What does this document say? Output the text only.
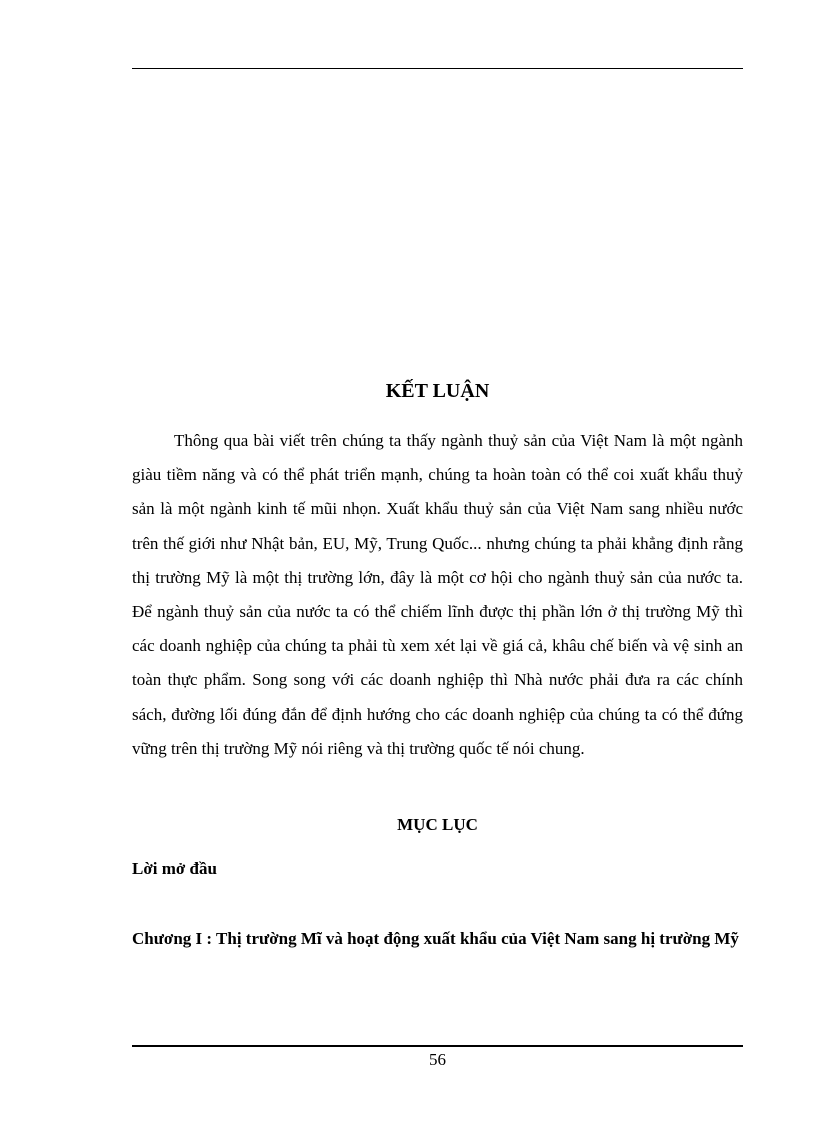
KẾT LUẬN

Thông qua bài viết trên chúng ta thấy ngành thuỷ sản của Việt Nam là một ngành giàu tiềm năng và có thể phát triển mạnh, chúng ta hoàn toàn có thể coi xuất khẩu thuỷ sản là một ngành kinh tế mũi nhọn. Xuất khẩu thuỷ sản của Việt Nam sang nhiều nước trên thế giới như Nhật bản, EU, Mỹ, Trung Quốc... nhưng chúng ta phải khẳng định rằng thị trường Mỹ là một thị trường lớn, đây là một cơ hội cho ngành thuỷ sản của nước ta. Để ngành thuỷ sản của nước ta có thể chiếm lĩnh được thị phần lớn ở thị trường Mỹ thì các doanh nghiệp của chúng ta phải tù xem xét lại về giá cả, khâu chế biến và vệ sinh an toàn thực phẩm. Song song với các doanh nghiệp thì Nhà nước phải đưa ra các chính sách, đường lối đúng đắn để định hướng cho các doanh nghiệp của chúng ta có thể đứng vững trên thị trường Mỹ nói riêng và thị trường quốc tế nói chung.

MỤC LỤC

Lời mở đầu

Chương I : Thị trường Mĩ và hoạt động xuất khẩu của Việt Nam sang hị trường Mỹ

56
